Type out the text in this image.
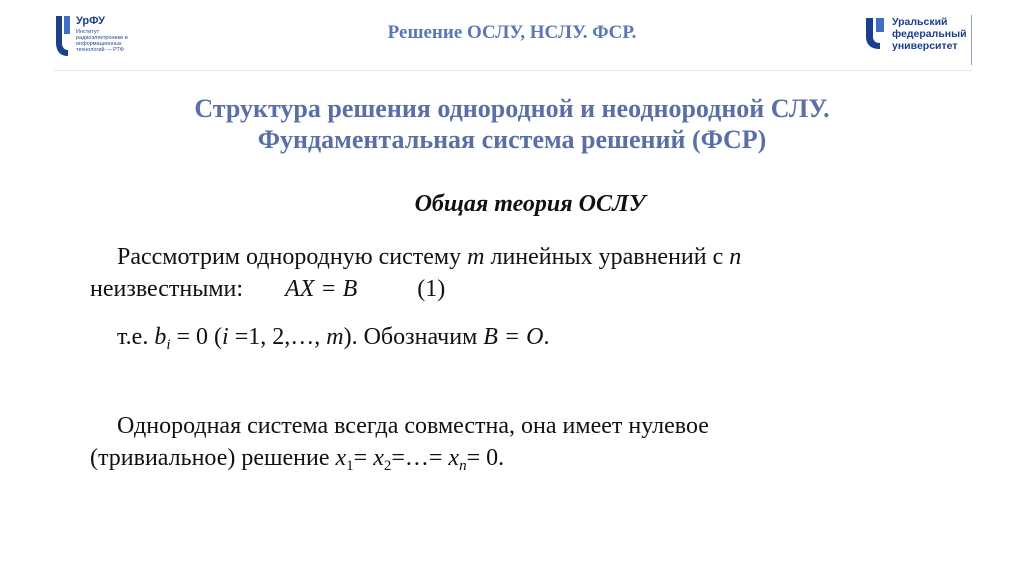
УрФУ
Институт радиоэлектроники и информационных технологий — РТФ
Решение ОСЛУ, НСЛУ. ФСР.	Уральский
федеральный
университет
Структура решения однородной и неоднородной СЛУ.
Фундаментальная система решений (ФСР)
Общая теория ОСЛУ
Рассмотрим однородную систему m линейных уравнений с n
неизвестными: AX = B	(1)
т.е. $b_i = 0$ (i =1, 2,…, m). Обозначим B = O.
Однородная система всегда совместна, она имеет нулевое
(тривиальное) решение $x_1=$ $x_2=\dots= x_n= 0$.
